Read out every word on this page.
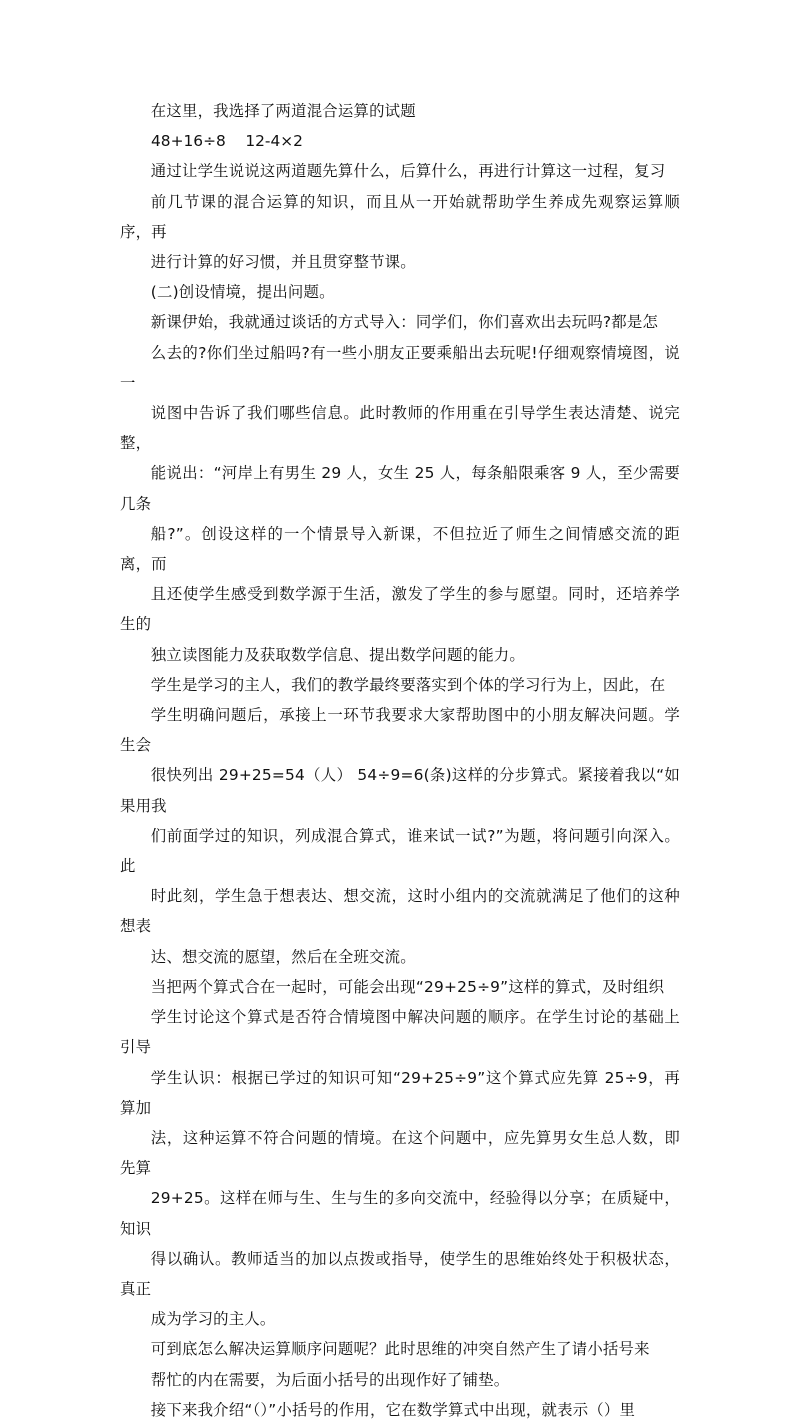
在这里，我选择了两道混合运算的试题

48+16÷8    12-4×2

通过让学生说说这两道题先算什么，后算什么，再进行计算这一过程，复习
前几节课的混合运算的知识，而且从一开始就帮助学生养成先观察运算顺序，再
进行计算的好习惯，并且贯穿整节课。

(二)创设情境，提出问题。

新课伊始，我就通过谈话的方式导入：同学们，你们喜欢出去玩吗?都是怎
么去的?你们坐过船吗?有一些小朋友正要乘船出去玩呢!仔细观察情境图，说一
说图中告诉了我们哪些信息。此时教师的作用重在引导学生表达清楚、说完整，
能说出：“河岸上有男生 29 人，女生 25 人，每条船限乘客 9 人，至少需要几条
船?”。创设这样的一个情景导入新课，不但拉近了师生之间情感交流的距离，而
且还使学生感受到数学源于生活，激发了学生的参与愿望。同时，还培养学生的
独立读图能力及获取数学信息、提出数学问题的能力。

学生是学习的主人，我们的教学最终要落实到个体的学习行为上，因此，在
学生明确问题后，承接上一环节我要求大家帮助图中的小朋友解决问题。学生会
很快列出 29+25=54（人） 54÷9=6(条)这样的分步算式。紧接着我以“如果用我
们前面学过的知识，列成混合算式，谁来试一试?”为题，将问题引向深入。此
时此刻，学生急于想表达、想交流，这时小组内的交流就满足了他们的这种想表
达、想交流的愿望，然后在全班交流。

当把两个算式合在一起时，可能会出现“29+25÷9”这样的算式，及时组织
学生讨论这个算式是否符合情境图中解决问题的顺序。在学生讨论的基础上引导
学生认识：根据已学过的知识可知“29+25÷9”这个算式应先算 25÷9，再算加
法，这种运算不符合问题的情境。在这个问题中，应先算男女生总人数，即先算
29+25。这样在师与生、生与生的多向交流中，经验得以分享；在质疑中，知识
得以确认。教师适当的加以点拨或指导，使学生的思维始终处于积极状态，真正
成为学习的主人。

可到底怎么解决运算顺序问题呢？此时思维的冲突自然产生了请小括号来
帮忙的内在需要，为后面小括号的出现作好了铺垫。

接下来我介绍“（）”小括号的作用，它在数学算式中出现，就表示（）里
